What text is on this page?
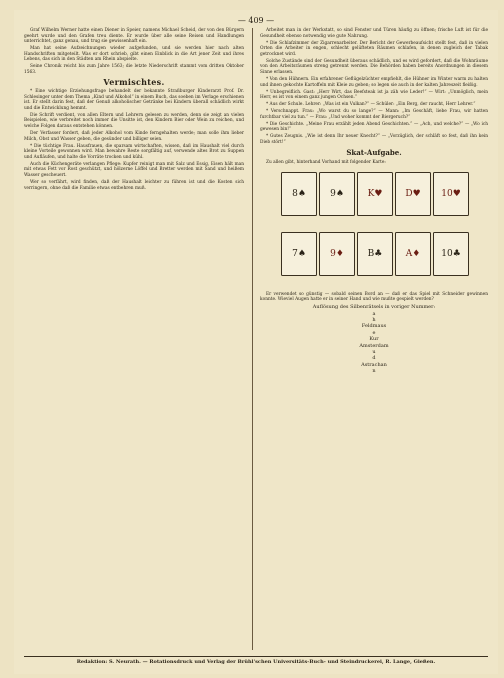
— 409 —

Graf Wilhelm Werner hatte einen Diener in Speier, namens Michael Scheid, der von den Bürgern geehrt wurde und den Grafen treu diente. Er wurde über alle seine Reisen und Handlungen unterrichtet, ganz genau, und trug sie gewissenhaft ein.

Man hat seine Aufzeichnungen wieder aufgefunden, und sie werden hier nach alten Handschriften mitgeteilt. Was er dort schrieb, gibt einen Einblick in die Art jener Zeit und ihres Lebens, das sich in den Städten am Rhein abspielte.

Seine Chronik reicht bis zum Jahre 1563; die letzte Niederschrift stammt vom dritten Oktober 1563.

Vermischtes.

* Eine wichtige Erziehungsfrage behandelt der bekannte Straßburger Kinderarzt Prof. Dr. Schlesinger unter dem Thema „Kind und Alkohol“ in einem Buch, das soeben im Verlage erschienen ist. Er stellt darin fest, daß der Genuß alkoholischer Getränke bei Kindern überall schädlich wirkt und die Entwicklung hemmt.

Die Schrift verdient, von allen Eltern und Lehrern gelesen zu werden, denn sie zeigt an vielen Beispielen, wie verbreitet noch immer die Unsitte ist, den Kindern Bier oder Wein zu reichen, und welche Folgen daraus entstehen können.

Der Verfasser fordert, daß jeder Alkohol vom Kinde ferngehalten werde; man solle ihm lieber Milch, Obst und Wasser geben, die gesünder und billiger seien.

* Die tüchtige Frau. Hausfrauen, die sparsam wirtschaften, wissen, daß im Haushalt viel durch kleine Vorteile gewonnen wird. Man bewahre Reste sorgfältig auf, verwende altes Brot zu Suppen und Aufläufen, und halte die Vorräte trocken und kühl.

Auch die Küchengeräte verlangen Pflege: Kupfer reinigt man mit Salz und Essig, Eisen hält man mit etwas Fett vor Rost geschützt, und hölzerne Löffel und Bretter werden mit Sand und heißem Wasser gescheuert.

Wer so verfährt, wird finden, daß der Haushalt leichter zu führen ist und die Kosten sich verringern, ohne daß die Familie etwas entbehren muß.

Arbeitet man in der Werkstatt, so sind Fenster und Türen häufig zu öffnen; frische Luft ist für die Gesundheit ebenso notwendig wie gute Nahrung.

* Die Schlafzimmer der Zigarrenarbeiter. Der Bericht der Gewerbeaufsicht stellt fest, daß in vielen Orten die Arbeiter in engen, schlecht gelüfteten Räumen schlafen, in denen zugleich der Tabak getrocknet wird.

Solche Zustände sind der Gesundheit überaus schädlich, und es wird gefordert, daß die Wohnräume von den Arbeitsräumen streng getrennt werden. Die Behörden haben bereits Anordnungen in diesem Sinne erlassen.

* Von den Hühnern. Ein erfahrener Geflügelzüchter empfiehlt, die Hühner im Winter warm zu halten und ihnen gekochte Kartoffeln mit Kleie zu geben; so legen sie auch in der kalten Jahreszeit fleißig.

* Unbegreiflich. Gast: „Herr Wirt, das Beefsteak ist ja zäh wie Leder!“ — Wirt: „Unmöglich, mein Herr, es ist von einem ganz jungen Ochsen.“

* Aus der Schule. Lehrer: „Was ist ein Vulkan?“ — Schüler: „Ein Berg, der raucht, Herr Lehrer.“

* Verschnappt. Frau: „Wo warst du so lange?“ — Mann: „Im Geschäft, liebe Frau, wir hatten furchtbar viel zu tun.“ — Frau: „Und woher kommt der Biergeruch?“

* Die Geschichte. „Meine Frau erzählt jeden Abend Geschichten.“ — „Ach, und welche?“ — „Wo ich gewesen bin!“

* Gutes Zeugnis. „Wie ist denn Ihr neuer Knecht?“ — „Vorzüglich, der schläft so fest, daß ihn kein Dieb stört!“

Skat-Aufgabe.

Zu allen gibt, hinterhand Vorhand mit folgender Karte:

8♠	9♠	K♥	D♥	10♥
7♠	9♦	B♣	A♦	10♣

Er verwendet so günstig — sobald seinen Bord an — daß er das Spiel mit Schneider gewinnen konnte. Wieviel Augen hatte er in seiner Hand und wie mußte gespielt werden?

Auflösung des Silbenrätsels in voriger Nummer:
a
h
Feldmaus
e
Kur
Amsterdam
u
d
Astrachan
n
Redaktion: S. Neurath. — Rotationsdruck und Verlag der Brühl'schen Universitäts-Buch- und Steindruckerei, R. Lange, Gießen.
